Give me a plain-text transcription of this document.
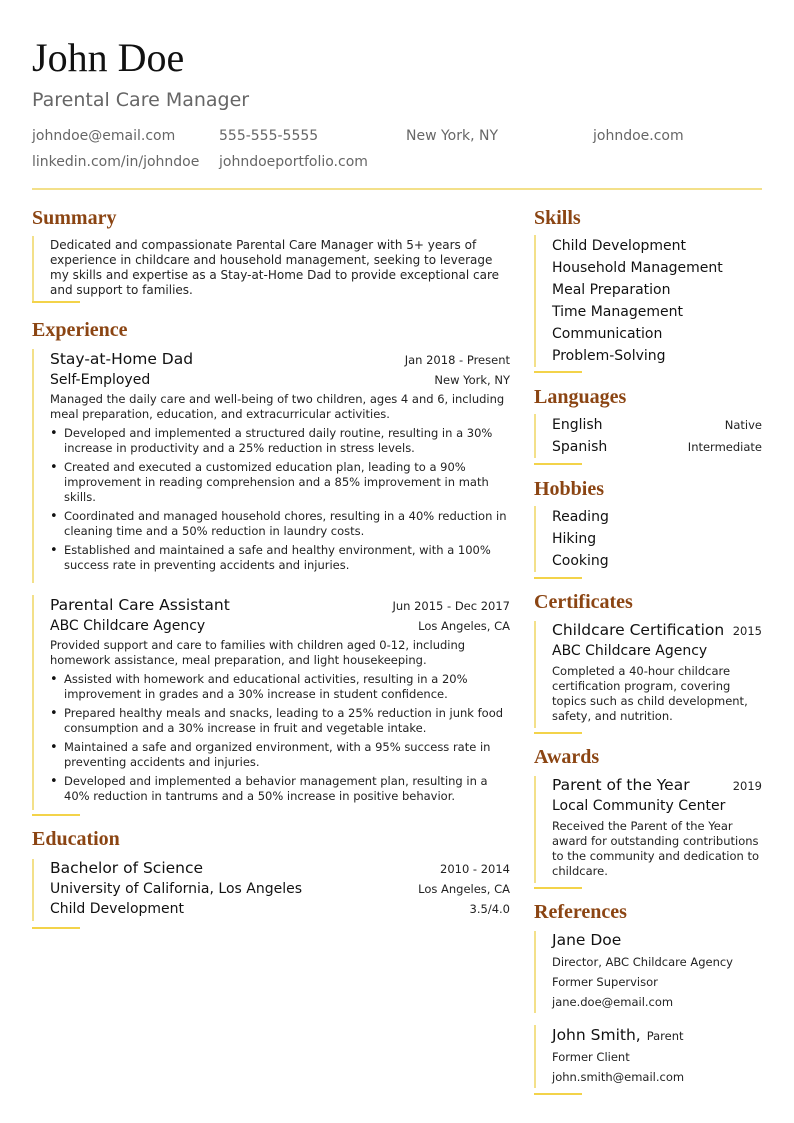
John Doe
Parental Care Manager
johndoe@email.com	555-555-5555	New York, NY	johndoe.com
linkedin.com/in/johndoe	johndoeportfolio.com
Summary

Dedicated and compassionate Parental Care Manager with 5+ years of experience in childcare and household management, seeking to leverage my skills and expertise as a Stay-at-Home Dad to provide exceptional care and support to families.

Experience
Stay-at-Home Dad	Jan 2018 - Present
Self-Employed	New York, NY

Managed the daily care and well-being of two children, ages 4 and 6, including meal preparation, education, and extracurricular activities.

• Developed and implemented a structured daily routine, resulting in a 30% increase in productivity and a 25% reduction in stress levels.
• Created and executed a customized education plan, leading to a 90% improvement in reading comprehension and a 85% improvement in math skills.
• Coordinated and managed household chores, resulting in a 40% reduction in cleaning time and a 50% reduction in laundry costs.
• Established and maintained a safe and healthy environment, with a 100% success rate in preventing accidents and injuries.
Parental Care Assistant	Jun 2015 - Dec 2017
ABC Childcare Agency	Los Angeles, CA

Provided support and care to families with children aged 0-12, including homework assistance, meal preparation, and light housekeeping.

• Assisted with homework and educational activities, resulting in a 20% improvement in grades and a 30% increase in student confidence.
• Prepared healthy meals and snacks, leading to a 25% reduction in junk food consumption and a 30% increase in fruit and vegetable intake.
• Maintained a safe and organized environment, with a 95% success rate in preventing accidents and injuries.
• Developed and implemented a behavior management plan, resulting in a 40% reduction in tantrums and a 50% increase in positive behavior.
Education
Bachelor of Science	2010 - 2014
University of California, Los Angeles	Los Angeles, CA
Child Development	3.5/4.0
Skills
Child Development
Household Management
Meal Preparation
Time Management
Communication
Problem-Solving
Languages
English	Native
Spanish	Intermediate
Hobbies
Reading
Hiking
Cooking
Certificates
Childcare Certification 2015
ABC Childcare Agency

Completed a 40-hour childcare certification program, covering topics such as child development, safety, and nutrition.

Awards
Parent of the Year	2019
Local Community Center

Received the Parent of the Year award for outstanding contributions to the community and dedication to childcare.

References
Jane Doe
Director, ABC Childcare Agency
Former Supervisor
jane.doe@email.com
John Smith, Parent
Former Client
john.smith@email.com
